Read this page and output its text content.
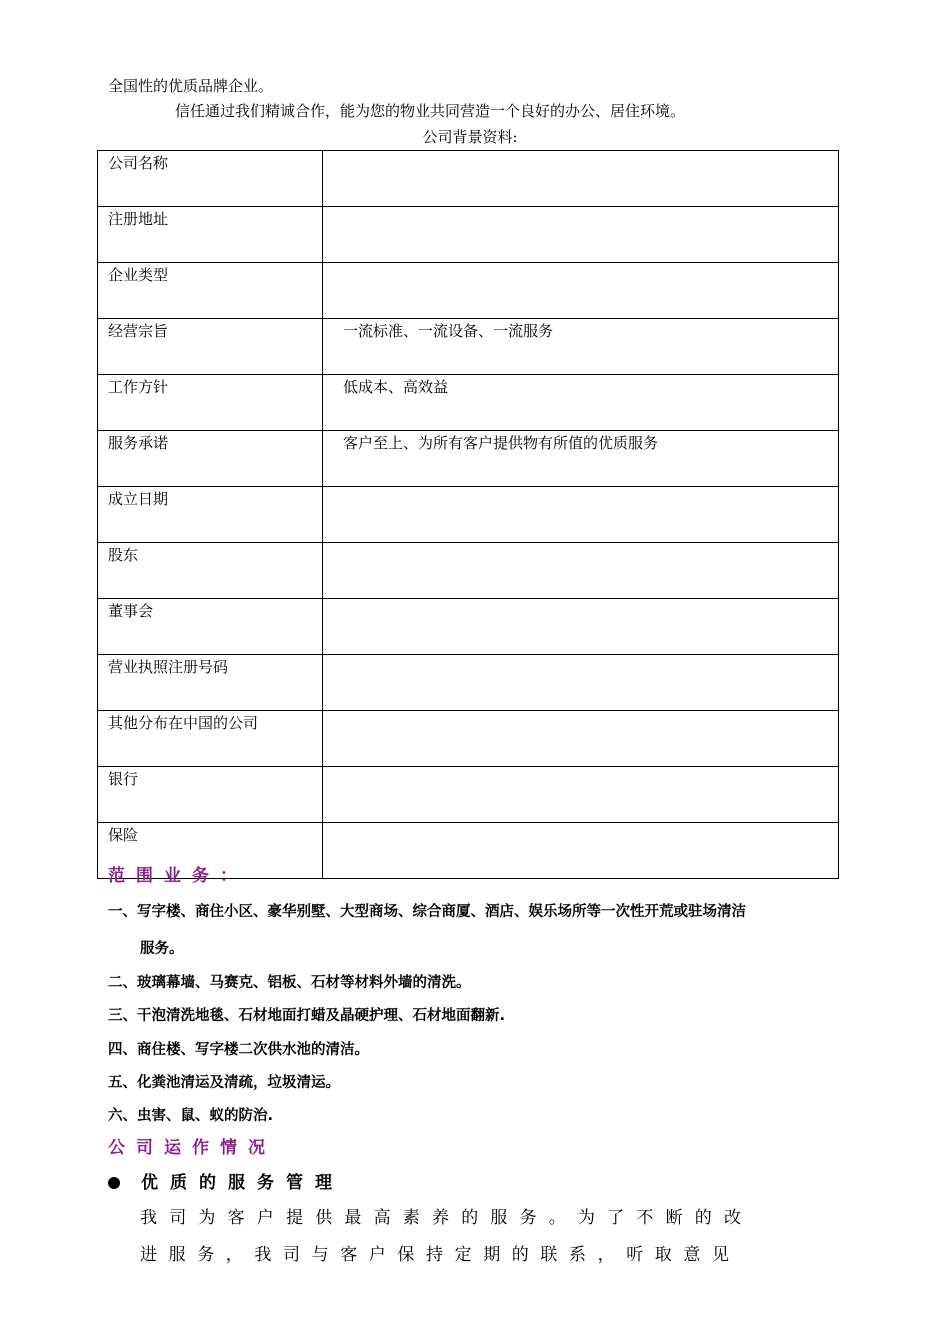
全国性的优质品牌企业。
信任通过我们精诚合作，能为您的物业共同营造一个良好的办公、居住环境。
公司背景资料:
公司名称	
注册地址	
企业类型	
经营宗旨	一流标准、一流设备、一流服务
工作方针	低成本、高效益
服务承诺	客户至上、为所有客户提供物有所值的优质服务
成立日期	
股东	
董事会	
营业执照注册号码	
其他分布在中国的公司	
银行	
保险	
范围业务：
一、写字楼、商住小区、豪华别墅、大型商场、综合商厦、酒店、娱乐场所等一次性开荒或驻场清洁
服务。
二、玻璃幕墙、马赛克、铝板、石材等材料外墙的清洗。
三、干泡清洗地毯、石材地面打蜡及晶硬护理、石材地面翻新.
四、商住楼、写字楼二次供水池的清洁。
五、化粪池清运及清疏，垃圾清运。
六、虫害、鼠、蚁的防治.
公司运作情况
优质的服务管理
我司为客户提供最高素养的服务。为了不断的改
进服务，我司与客户保持定期的联系，听取意见
